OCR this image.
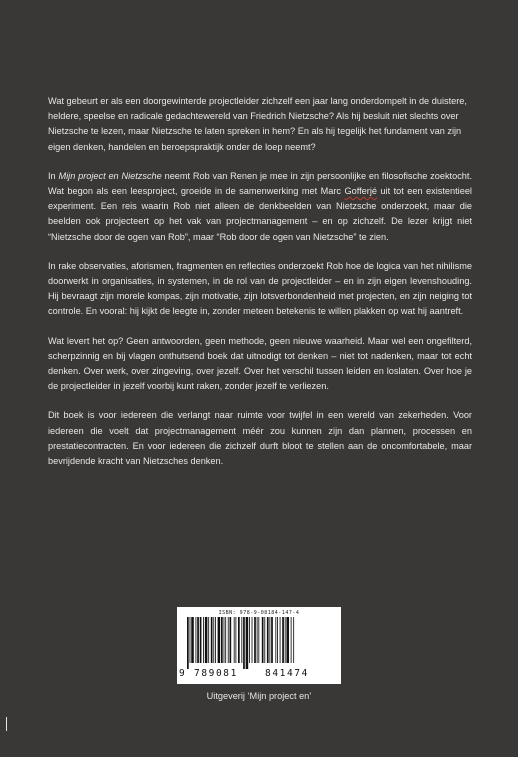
Wat gebeurt er als een doorgewinterde projectleider zichzelf een jaar lang onderdompelt in de duistere, heldere, speelse en radicale gedachtewereld van Friedrich Nietzsche? Als hij besluit niet slechts over Nietzsche te lezen, maar Nietzsche te laten spreken in hem? En als hij tegelijk het fundament van zijn eigen denken, handelen en beroepspraktijk onder de loep neemt?

In Mijn project en Nietzsche neemt Rob van Renen je mee in zijn persoonlijke en filosofische zoektocht. Wat begon als een leesproject, groeide in de samenwerking met Marc Gofferjé uit tot een existentieel experiment. Een reis waarin Rob niet alleen de denkbeelden van Nietzsche onderzoekt, maar die beelden ook projecteert op het vak van projectmanagement – en op zichzelf. De lezer krijgt niet “Nietzsche door de ogen van Rob”, maar “Rob door de ogen van Nietzsche” te zien.

In rake observaties, aforismen, fragmenten en reflecties onderzoekt Rob hoe de logica van het nihilisme doorwerkt in organisaties, in systemen, in de rol van de projectleider – en in zijn eigen levenshouding. Hij bevraagt zijn morele kompas, zijn motivatie, zijn lotsverbondenheid met projecten, en zijn neiging tot controle. En vooral: hij kijkt de leegte in, zonder meteen betekenis te willen plakken op wat hij aantreft.

Wat levert het op? Geen antwoorden, geen methode, geen nieuwe waarheid. Maar wel een ongefilterd, scherpzinnig en bij vlagen onthutsend boek dat uitnodigt tot denken – niet tot nadenken, maar tot echt denken. Over werk, over zingeving, over jezelf. Over het verschil tussen leiden en loslaten. Over hoe je de projectleider in jezelf voorbij kunt raken, zonder jezelf te verliezen.

Dit boek is voor iedereen die verlangt naar ruimte voor twijfel in een wereld van zekerheden. Voor iedereen die voelt dat projectmanagement méér zou kunnen zijn dan plannen, processen en prestatiecontracten. En voor iedereen die zichzelf durft bloot te stellen aan de oncomfortabele, maar bevrijdende kracht van Nietzsches denken.

ISBN: 978-9-08184-147-4
9 789081	841474
Uitgeverij ‘Mijn project en’
